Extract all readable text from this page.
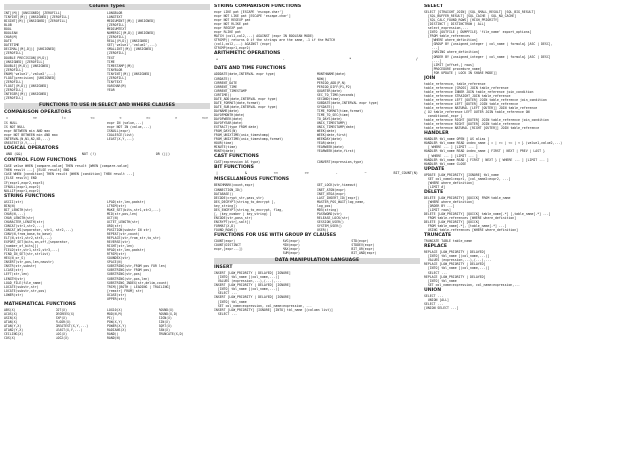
Column Types
INT[(M)] [UNSIGNED] [ZEROFILL]
TINYINT[(M)] [UNSIGNED] [ZEROFILL]
BIGINT[(M)] [UNSIGNED] [ZEROFILL]
BLOB
BOOL
BOOLEAN
CHAR(M)
DATE
DATETIME
DECIMAL[(M[,D])] [UNSIGNED]
[ZEROFILL]
DOUBLE PRECISION[(M,D)]
[UNSIGNED] [ZEROFILL]
DOUBLE[(M,D)] [UNSIGNED]
[ZEROFILL]
ENUM('value1','value2',...)
FLOAT(precision) [UNSIGNED]
[ZEROFILL]
FLOAT[(M,D)] [UNSIGNED]
[ZEROFILL]
INTEGER[(M)] [UNSIGNED]
[ZEROFILL]
LONGBLOB
LONGTEXT
MEDIUMINT[(M)] [UNSIGNED]
[ZEROFILL]
MEDIUMTEXT
NUMERIC[(M,D)] [UNSIGNED]
[ZEROFILL]
REAL[(M,D)] [UNSIGNED]
SET('value1','value2',...)
SMALLINT[(M)] [UNSIGNED]
[ZEROFILL]
TEXT
TIME
TIMESTAMP[(M)]
TINYBLOB
TINYINT[(M)] [UNSIGNED]
[ZEROFILL]
TINYTEXT
VARCHAR(M)
YEAR
FUNCTIONS TO USE IN SELECT AND WHERE CLAUSES
COMPARISON OPERATORS
=	<>	!=	<=	<	>=	>	<=>
IS NULL
IS NOT NULL
expr BETWEEN min AND max
expr NOT BETWEEN min AND max
INTERVAL(N,N1,N2,N3,...)
GREATEST(X,Y,...)
expr IN (value,...)
expr NOT IN (value,...)
ISNULL(expr)
COALESCE(list)
LEAST(X,Y,...)
LOGICAL OPERATORS
AND (&&)	NOT (!)	OR (||)
CONTROL FLOW FUNCTIONS
CASE value WHEN [compare-value] THEN result [WHEN [compare-value]
THEN result ...] [ELSE result] END
CASE WHEN [condition] THEN result [WHEN [condition] THEN result ...]
[ELSE result] END
IF(expr1,expr2,expr3)
IFNULL(expr1,expr2)
NULLIF(expr1,expr2)
STRING FUNCTIONS
ASCII(str)
BIN(N)
BIT_LENGTH(str)
CHAR(N,...)
CHAR_LENGTH(str)
CHARACTER_LENGTH(str)
CONCAT(str1,str2,...)
CONCAT_WS(separator, str1, str2,...)
CONV(N,from_base,to_base)
ELT(N,str1,str2,str3,...)
EXPORT_SET(bits,on,off,[separator,
[number_of_bits]])
FIELD(str,str1,str2,str3,...)
FIND_IN_SET(str,strlist)
HEX(N_or_S)
INSERT(str,pos,len,newstr)
INSTR(str,substr)
LCASE(str)
LEFT(str,len)
LENGTH(str)
LOAD_FILE(file_name)
LOCATE(substr,str)
LOCATE(substr,str,pos)
LOWER(str)
LPAD(str,len,padstr)
LTRIM(str)
MAKE_SET(bits,str1,str2,...)
MID(str,pos,len)
OCT(N)
OCTET_LENGTH(str)
ORD(str)
POSITION(substr IN str)
REPEAT(str,count)
REPLACE(str,from_str,to_str)
REVERSE(str)
RIGHT(str,len)
RPAD(str,len,padstr)
RTRIM(str)
SOUNDEX(str)
SPACE(N)
SUBSTRING(str,FROM pos FOR len)
SUBSTRING(str FROM pos)
SUBSTRING(str,pos)
SUBSTRING(str,pos,len)
SUBSTRING_INDEX(str,delim,count)
TRIM([[BOTH | LEADING | TRAILING]
[remstr] FROM] str)
UCASE(str)
UPPER(str)
MATHEMATICAL FUNCTIONS
ABS(X)
ACOS(X)
ASIN(X)
ATAN(X)
ATAN(Y,X)
ATAN2(Y,X)
CEILING(X)
COS(X)
COT(X)
DEGREES(X)
EXP(X)
FLOOR(X)
GREATEST(X,Y,...)
LEAST(X,Y,...)
LOG(X)
LOG2(X)
LOG10(X)
MOD(N,M)
PI()
POW(X,Y)
POWER(X,Y)
RADIANS(X)
RAND()
RAND(N)
ROUND(X)
ROUND(X,D)
SIGN(X)
SIN(X)
SQRT(X)
TAN(X)
TRUNCATE(X,D)
STRING COMPARISON FUNCTIONS
expr LIKE pat [ESCAPE 'escape-char']
expr NOT LIKE pat [ESCAPE 'escape-char']
expr NOT REGEXP pat
expr NOT RLIKE pat
expr REGEXP pat
expr RLIKE pat
MATCH (col1,col2,...) AGAINST (expr IN BOOLEAN MODE)
STRCMP() returns 0 if the strings are the same, -1 if the MATCH
(col1,col2,...) AGAINST (expr)
STRCMP(expr1,expr2)
ARITHMETIC OPERATIONS
+	-	*	/
DATE AND TIME FUNCTIONS
ADDDATE(date,INTERVAL expr type)
CURDATE()
CURRENT_DATE
CURRENT_TIME
CURRENT_TIMESTAMP
CURTIME()
DATE_ADD(date,INTERVAL expr type)
DATE_FORMAT(date,format)
DATE_SUB(date,INTERVAL expr type)
DAYNAME(date)
DAYOFMONTH(date)
DAYOFWEEK(date)
DAYOFYEAR(date)
EXTRACT(type FROM date)
FROM_DAYS(N)
FROM_UNIXTIME(unix_timestamp)
FROM_UNIXTIME(unix_timestamp,format)
HOUR(time)
MINUTE(time)
MONTH(date)
MONTHNAME(date)
NOW()
PERIOD_ADD(P,N)
PERIOD_DIFF(P1,P2)
QUARTER(date)
SEC_TO_TIME(seconds)
SECOND(time)
SUBDATE(date,INTERVAL expr type)
SYSDATE()
TIME_FORMAT(time,format)
TIME_TO_SEC(time)
TO_DAYS(date)
UNIX_TIMESTAMP()
UNIX_TIMESTAMP(date)
WEEK(date)
WEEK(date,first)
WEEKDAY(date)
YEAR(date)
YEARWEEK(date)
YEARWEEK(date,first)
CAST FUNCTIONS
CAST(expression AS type)	CONVERT(expression,type)
BIT FUNCTIONS
|	&	<<	>>	-	~	BIT_COUNT(N)
MISCELLANEOUS FUNCTIONS
BENCHMARK(count,expr)
CONNECTION_ID()
DATABASE()
DECODE(crypt_str,pass_str)
DES_DECRYPT(string_to_decrypt [,
key_string])
DES_ENCRYPT(string_to_encrypt, flag,
[, (key_number | key_string) ]
ENCODE(str,pass_str)
ENCRYPT(str[,salt])
FORMAT(X,D)
FOUND_ROWS()
GET_LOCK(str,timeout)
INET_ATON(expr)
INET_NTOA(expr)
LAST_INSERT_ID([expr])
MASTER_POS_WAIT(log_name,
log_pos)
MD5(string)
PASSWORD(str)
RELEASE_LOCK(str)
SESSION_USER()
SYSTEM_USER()
USER()
FUNCTIONS FOR USE WITH GROUP BY CLAUSES
COUNT(expr)
COUNT(DISTINCT
expr,[expr...])
AVG(expr)
MIN(expr)
MAX(expr)
SUM(expr)
STD(expr)
STDDEV(expr)
BIT_OR(expr)
BIT_AND(expr)
DATA MANIPULATION LANGUAGE
INSERT
INSERT [LOW_PRIORITY | DELAYED] [IGNORE]
[INTO] tbl_name [(col_name,...)]
VALUES (expression,...),(...),...
INSERT [LOW_PRIORITY | DELAYED] [IGNORE]
[INTO] tbl_name [(col_name,...)]
SELECT ...
INSERT [LOW_PRIORITY | DELAYED] [IGNORE]
[INTO] tbl_name
SET col_name=expression, col_name=expression, ...
INSERT [LOW_PRIORITY] [IGNORE] [INTO] tbl_name [(column list)]
SELECT ...
SELECT
SELECT [STRAIGHT_JOIN] [SQL_SMALL_RESULT] [SQL_BIG_RESULT]
[SQL_BUFFER_RESULT] [SQL_CACHE | SQL_NO_CACHE]
[SQL_CALC_FOUND_ROWS] [HIGH_PRIORITY]
[DISTINCT | DISTINCTROW | ALL]
select_expression,...
[INTO {OUTFILE | DUMPFILE} 'file_name' export_options]
[FROM table_references
[WHERE where_definition]
[GROUP BY {unsigned_integer | col_name | formula} [ASC | DESC],
...]
[HAVING where_definition]
[ORDER BY {unsigned_integer | col_name | formula} [ASC | DESC]
,...]
[LIMIT [offset,] rows]
[PROCEDURE procedure_name]
[FOR UPDATE | LOCK IN SHARE MODE]]
JOIN
table_reference, table_reference
table_reference [CROSS] JOIN table_reference
table_reference INNER JOIN table_reference join_condition
table_reference STRAIGHT_JOIN table_reference
table_reference LEFT [OUTER] JOIN table_reference join_condition
table_reference LEFT [OUTER] JOIN table_reference
table_reference NATURAL [LEFT [OUTER]] JOIN table_reference
{ OJ table_reference LEFT OUTER JOIN table_reference ON
conditional_expr }
table_reference RIGHT [OUTER] JOIN table_reference join_condition
table_reference RIGHT [OUTER] JOIN table_reference
table_reference NATURAL [RIGHT [OUTER]] JOIN table_reference
HANDLER
HANDLER tbl_name OPEN [ AS alias ]
HANDLER tbl_name READ index_name { = | >= | <= | < } (value1,value2,...)
[ WHERE ... ] [LIMIT ... ]
HANDLER tbl_name READ index_name { FIRST | NEXT | PREV | LAST }
[ WHERE ... ] [LIMIT ... ]
HANDLER tbl_name READ { FIRST | NEXT } [ WHERE ... ] [LIMIT ... ]
HANDLER tbl_name CLOSE
UPDATE
UPDATE [LOW_PRIORITY] [IGNORE] tbl_name
SET col_name1=expr1, [col_name2=expr2, ...]
[WHERE where_definition]
[LIMIT #]
DELETE
DELETE [LOW_PRIORITY] [QUICK] FROM table_name
[WHERE where_definition]
[ORDER BY ...]
[LIMIT rows]
DELETE [LOW_PRIORITY] [QUICK] table_name[.*] [,table_name[.*] ...]
FROM table-references [WHERE where_definition]
DELETE [LOW_PRIORITY] [QUICK]
FROM table_name[.*], [table_name[.*] ...]
USING table-references [WHERE where_definition]
TRUNCATE
TRUNCATE TABLE table_name
REPLACE
REPLACE [LOW_PRIORITY | DELAYED]
[INTO] tbl_name [(col_name,...)]
VALUES (expression,...),(...),...
REPLACE [LOW_PRIORITY | DELAYED]
[INTO] tbl_name [(col_name,...)]
SELECT ...
REPLACE [LOW_PRIORITY | DELAYED]
[INTO] tbl_name
SET col_name=expression, col_name=expression,...
UNION
SELECT ...
UNION [ALL]
SELECT ...
[UNION SELECT ...]
